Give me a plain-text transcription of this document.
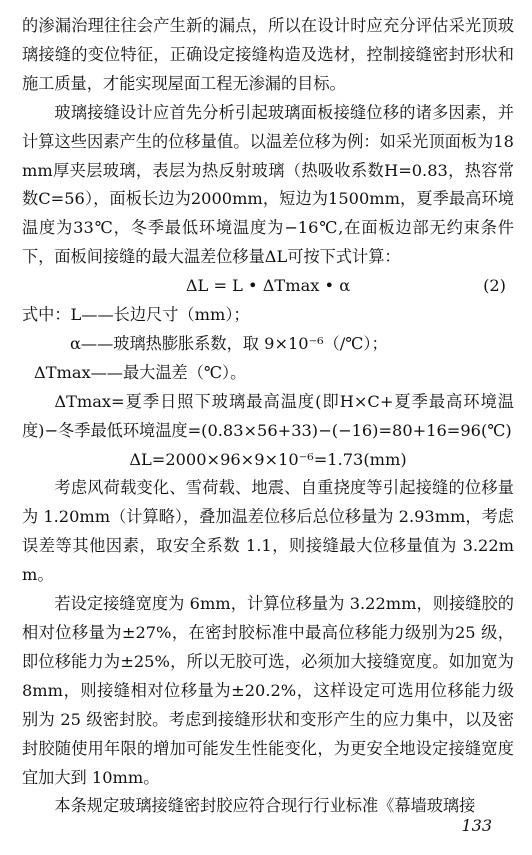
的渗漏治理往往会产生新的漏点，所以在设计时应充分评估采光顶玻璃接缝的变位特征，正确设定接缝构造及选材，控制接缝密封形状和施工质量，才能实现屋面工程无渗漏的目标。

玻璃接缝设计应首先分析引起玻璃面板接缝位移的诸多因素，并计算这些因素产生的位移量值。以温差位移为例：如采光顶面板为18mm厚夹层玻璃，表层为热反射玻璃（热吸收系数H=0.83，热容常数C=56），面板长边为2000mm，短边为1500mm，夏季最高环境温度为33℃，冬季最低环境温度为−16℃,在面板边部无约束条件下，面板间接缝的最大温差位移量ΔL可按下式计算：

ΔL = L • ΔTmax • α	(2)
式中：L——长边尺寸（mm）；
α——玻璃热膨胀系数，取 9×10⁻⁶（/℃）；
ΔTmax——最大温差（℃）。

ΔTmax=夏季日照下玻璃最高温度(即H×C+夏季最高环境温度)−冬季最低环境温度=(0.83×56+33)−(−16)=80+16=96(℃)

ΔL=2000×96×9×10⁻⁶=1.73(mm)

考虑风荷载变化、雪荷载、地震、自重挠度等引起接缝的位移量为 1.20mm（计算略），叠加温差位移后总位移量为 2.93mm，考虑误差等其他因素，取安全系数 1.1，则接缝最大位移量值为 3.22mm。

若设定接缝宽度为 6mm，计算位移量为 3.22mm，则接缝胶的相对位移量为±27%，在密封胶标准中最高位移能力级别为25 级，即位移能力为±25%，所以无胶可选，必须加大接缝宽度。如加宽为 8mm，则接缝相对位移量为±20.2%，这样设定可选用位移能力级别为 25 级密封胶。考虑到接缝形状和变形产生的应力集中，以及密封胶随使用年限的增加可能发生性能变化，为更安全地设定接缝宽度宜加大到 10mm。

本条规定玻璃接缝密封胶应符合现行行业标准《幕墙玻璃接

133
